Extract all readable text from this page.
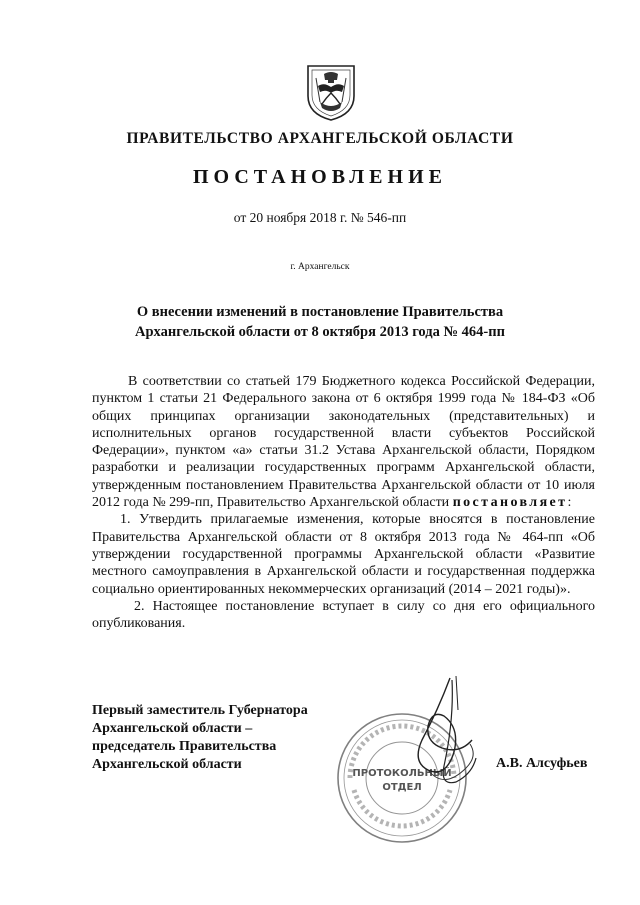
ПРАВИТЕЛЬСТВО АРХАНГЕЛЬСКОЙ ОБЛАСТИ
ПОСТАНОВЛЕНИЕ
от 20 ноября 2018 г. № 546-пп
г. Архангельск
О внесении изменений в постановление Правительства
Архангельской области от 8 октября 2013 года № 464-пп

В соответствии со статьей 179 Бюджетного кодекса Российской Федерации, пунктом 1 статьи 21 Федерального закона от 6 октября 1999 года № 184-ФЗ «Об общих принципах организации законодательных (представительных) и исполнительных органов государственной власти субъектов Российской Федерации», пунктом «а» статьи 31.2 Устава Архангельской области, Порядком разработки и реализации государственных программ Архангельской области, утвержденным постановлением Правительства Архангельской области от 10 июля 2012 года № 299-пп, Правительство Архангельской области постановляет:

1. Утвердить прилагаемые изменения, которые вносятся в постановление Правительства Архангельской области от 8 октября 2013 года № 464-пп «Об утверждении государственной программы Архангельской области «Развитие местного самоуправления в Архангельской области и государственная поддержка социально ориентированных некоммерческих организаций (2014 – 2021 годы)».

2. Настоящее постановление вступает в силу со дня его официального опубликования.

ПРОТОКОЛЬНЫЙ
ОТДЕЛ
Первый заместитель Губернатора
Архангельской области –
председатель Правительства
Архангельской области	А.В. Алсуфьев
